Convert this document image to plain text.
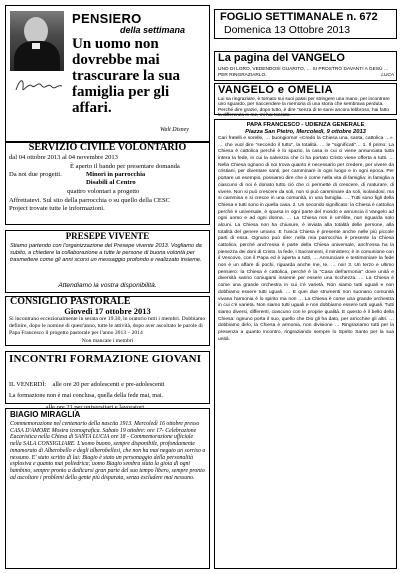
PENSIERO
della settimana
Un uomo non dovrebbe mai trascurare la sua famiglia per gli affari.
Walt Disney
FOGLIO SETTIMANALE n. 672
Domenica 13 Ottobre 2013
La pagina del VANGELO
UNO DI LORO, VEDENDOSI GUARITO, … SI PROSTRÒ DAVANTI A GESÙ … PER RINGRAZIARLO.	LUCA
VANGELO e OMELIA
Lui sa ringraziare, è tornato sui suoi passi per stringere una mano, per incontrare uno sguardo, per riaccendere la memoria di una storia che sembrava perduta. Perché dire grazie, dopo tutto, è dire "senza di te sarei ancora lebbroso, hai fatto la differenza in me, mi hai toccato.
SERVIZIO CIVILE VOLONTARIO
dal 04 ottobre 2013 al 04 novembre 2013
È aperto il bando per presentare domanda
Da noi due progetti.	Minori in parrocchia
Disabili al Centro
quattro volontari a progetto
Affrettatevi. Sul sito della parrocchia o su quello della CESC
Project trovate tutte le informazioni.
PRESEPE VIVENTE
Stiamo partendo con l'organizzazione del Presepe vivente 2013. Vogliamo da subito, a chiedere la collaborazione a tutte le persone di buona volontà per trasmettere come gli anni scorsi un messaggio profondo e realizzato insieme.
Attendiamo la vostra disponibilità.
CONSIGLIO PASTORALE
Giovedì 17 ottobre 2013
Si incontrano eccezionalmente in serata ore 19.30, in oratorio tutti i membri. Dobbiamo definire, dopo le nomine di quest'anno, tutte le attività, dopo aver ascoltato le parole di Papa Francesco il progetto pastorale per l'anno 2013 – 2014
Non mancate i membri
INCONTRI FORMAZIONE GIOVANI

IL VENERDÌ:    alle ore 20 per adolescenti e pre-adolescenti

alle ore 21 per universitari e lavoratori

La formazione non è mai conclusa, quella della fede mai, mai.
BIAGIO MIRAGLIA
Commemorazione nel centenario della nascita 1913. Mercoledì 16 ottobre presso CASA D'AMORE Mostra iconografica. Sabato 19 ottobre: ore 17- Celebrazione Eucaristica nella Chiesa di SANTA LUCIA ore 18 - Commemorazione ufficiale nella SALA CONSIGLIARE. L'uomo buono, sempre disponibile, profondamente innamorato di Alberobello e degli alberobellesi, che non ha mai negato un sorriso a nessuno. E' stato scritto di lui: Biagio è stato un personaggio della personalità esplosiva e quanto mai poliedrica; uomo Biagio sembra stata la gioia di ogni bambino, sempre pronto a dedicarsi gran parte del suo tempo libero, sempre pronto ad ascoltare i problemi della gente più disparata, senza escludere mai nessuno.
PAPA FRANCESCO - UDIENZA GENERALE
Piazza San Pietro, Mercoledì, 9 ottobre 2013
Cari fratelli e sorelle, … buongiorno! «Credo la Chiesa una, santa, cattolica …». … che vuol dire "secondo il tutto", la totalità. … le "significati"… 1. Il primo: La Chiesa è cattolica perché è lo spazio, la casa in cui ci viene annunciata tutta intera la fede, in cui la salvezza che ci ha portato Cristo viene offerta a tutti. … Nella Chiesa ognuno di noi trova quanto è necessario per credere, per vivere da cristiani, per diventare santi, per camminare in ogni luogo e in ogni epoca. Per portare un esempio, possiamo dire che è come nella vita di famiglia: in famiglia a ciascuno di noi è donato tutto ciò che ci permette di crescere, di maturare, di vivere. Non si può crescere da soli, non si può camminare da soli, isolandosi, ma si cammina e si cresce in una comunità, in una famiglia. … Tutti sono figli della Chiesa e tutti sono in quella casa. 2. Un secondo significato: la Chiesa è cattolica perché è universale, è sparsa in ogni parte del mondo e annuncia il Vangelo ad ogni uomo e ad ogni donna. … La Chiesa non è un'élite, non riguarda solo alcuni. La Chiesa non ha chiusure, è inviata alla totalità delle persone, alla totalità del genere umano. E l'unica Chiesa è presente anche nelle più piccole parti di essa. Ognuno può dire: nella mia parrocchia è presente la Chiesa cattolica, perché anch'essa è parte della Chiesa universale, anch'essa ha la pienezza dei doni di Cristo, la fede, i Sacramenti, il ministero; è in comunione con il Vescovo, con il Papa ed è aperta a tutti, … Annunciare e testimoniare la fede non è un affare di pochi, riguarda anche me, te, … noi! 3. Un terzo e ultimo pensiero: la Chiesa è cattolica, perché è la "Casa dell'armonia" dove unità e diversità sanno coniugarsi insieme per essere una ricchezza. … La Chiesa è come una grande orchestra in cui c'è varietà. Non siamo tutti uguali e non dobbiamo essere tutti uguali. … E quei due strumenti non suonano comunità vivana l'armonia è lo spirito ma non … La Chiesa è come una grande orchestra in cui c'è varietà. Non siamo tutti uguali e non dobbiamo essere tutti uguali. Tutti siamo diversi, differenti, ciascuno con le proprie qualità. E questo è il bello della Chiesa: ognuno porta il suo, quello che Dio gli ha dato, per arricchire gli altri. … dobbiamo dirlo, la Chiesa è armonia, non divisione … Ringraziamo tutti per la presenza a quanto incontro, ringraziando sempre lo Spirito Santo per la sua unità.
